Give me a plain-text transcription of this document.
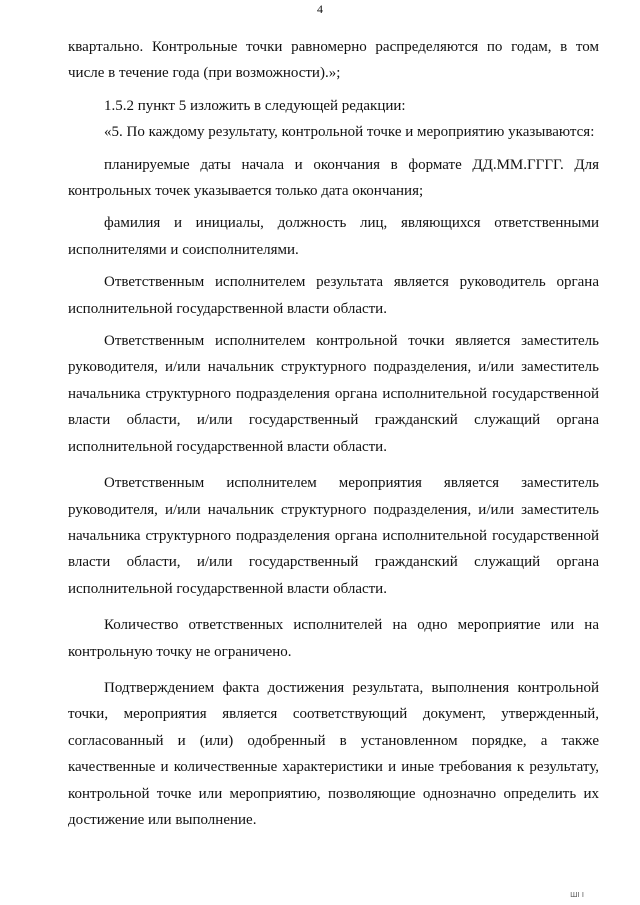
4

квартально. Контрольные точки равномерно распределяются по годам, в том числе в течение года (при возможности).»;

1.5.2 пункт 5 изложить в следующей редакции:

«5. По каждому результату, контрольной точке и мероприятию указываются:

планируемые даты начала и окончания в формате ДД.ММ.ГГГГ. Для контрольных точек указывается только дата окончания;

фамилия и инициалы, должность лиц, являющихся ответственными исполнителями и соисполнителями.

Ответственным исполнителем результата является руководитель органа исполнительной государственной власти области.

Ответственным исполнителем контрольной точки является заместитель руководителя, и/или начальник структурного подразделения, и/или заместитель начальника структурного подразделения органа исполнительной государственной власти области, и/или государственный гражданский служащий органа исполнительной государственной власти области.

Ответственным исполнителем мероприятия является заместитель руководителя, и/или начальник структурного подразделения, и/или заместитель начальника структурного подразделения органа исполнительной государственной власти области, и/или государственный гражданский служащий органа исполнительной государственной власти области.

Количество ответственных исполнителей на одно мероприятие или на контрольную точку не ограничено.

Подтверждением факта достижения результата, выполнения контрольной точки, мероприятия является соответствующий документ, утвержденный, согласованный и (или) одобренный в установленном порядке, а также качественные и количественные характеристики и иные требования к результату, контрольной точке или мероприятию, позволяющие однозначно определить их достижение или выполнение.

ШI I
